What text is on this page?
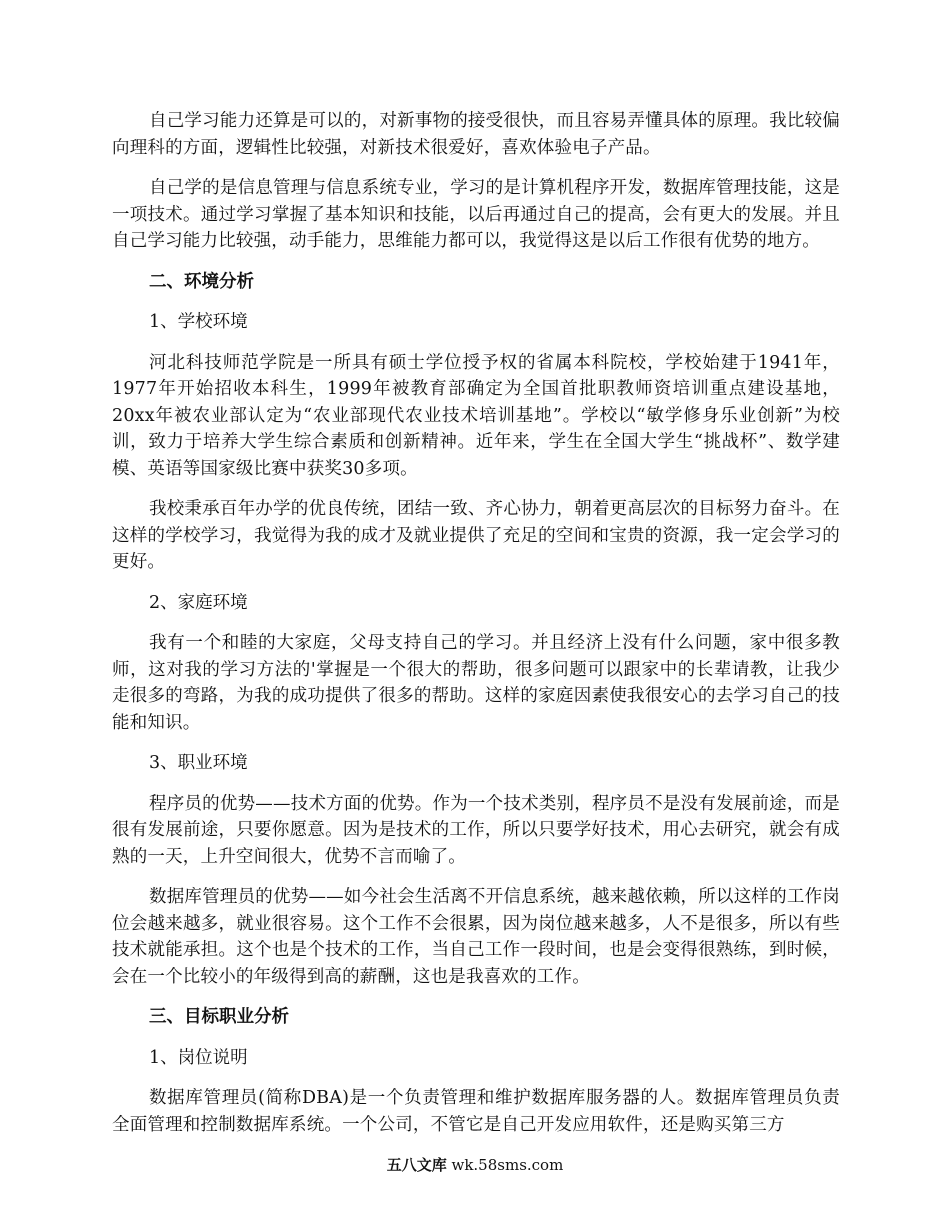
自己学习能力还算是可以的，对新事物的接受很快，而且容易弄懂具体的原理。我比较偏向理科的方面，逻辑性比较强，对新技术很爱好，喜欢体验电子产品。

自己学的是信息管理与信息系统专业，学习的是计算机程序开发，数据库管理技能，这是一项技术。通过学习掌握了基本知识和技能，以后再通过自己的提高，会有更大的发展。并且自己学习能力比较强，动手能力，思维能力都可以，我觉得这是以后工作很有优势的地方。

二、环境分析

1、学校环境

河北科技师范学院是一所具有硕士学位授予权的省属本科院校，学校始建于1941年，1977年开始招收本科生，1999年被教育部确定为全国首批职教师资培训重点建设基地，20xx年被农业部认定为“农业部现代农业技术培训基地”。学校以“敏学修身乐业创新”为校训，致力于培养大学生综合素质和创新精神。近年来，学生在全国大学生“挑战杯”、数学建模、英语等国家级比赛中获奖30多项。

我校秉承百年办学的优良传统，团结一致、齐心协力，朝着更高层次的目标努力奋斗。在这样的学校学习，我觉得为我的成才及就业提供了充足的空间和宝贵的资源，我一定会学习的更好。

2、家庭环境

我有一个和睦的大家庭，父母支持自己的学习。并且经济上没有什么问题，家中很多教师，这对我的学习方法的'掌握是一个很大的帮助，很多问题可以跟家中的长辈请教，让我少走很多的弯路，为我的成功提供了很多的帮助。这样的家庭因素使我很安心的去学习自己的技能和知识。

3、职业环境

程序员的优势——技术方面的优势。作为一个技术类别，程序员不是没有发展前途，而是很有发展前途，只要你愿意。因为是技术的工作，所以只要学好技术，用心去研究，就会有成熟的一天，上升空间很大，优势不言而喻了。

数据库管理员的优势——如今社会生活离不开信息系统，越来越依赖，所以这样的工作岗位会越来越多，就业很容易。这个工作不会很累，因为岗位越来越多，人不是很多，所以有些技术就能承担。这个也是个技术的工作，当自己工作一段时间，也是会变得很熟练，到时候，会在一个比较小的年级得到高的薪酬，这也是我喜欢的工作。

三、目标职业分析

1、岗位说明

数据库管理员(简称DBA)是一个负责管理和维护数据库服务器的人。数据库管理员负责全面管理和控制数据库系统。一个公司，不管它是自己开发应用软件，还是购买第三方

五八文库 wk.58sms.com
